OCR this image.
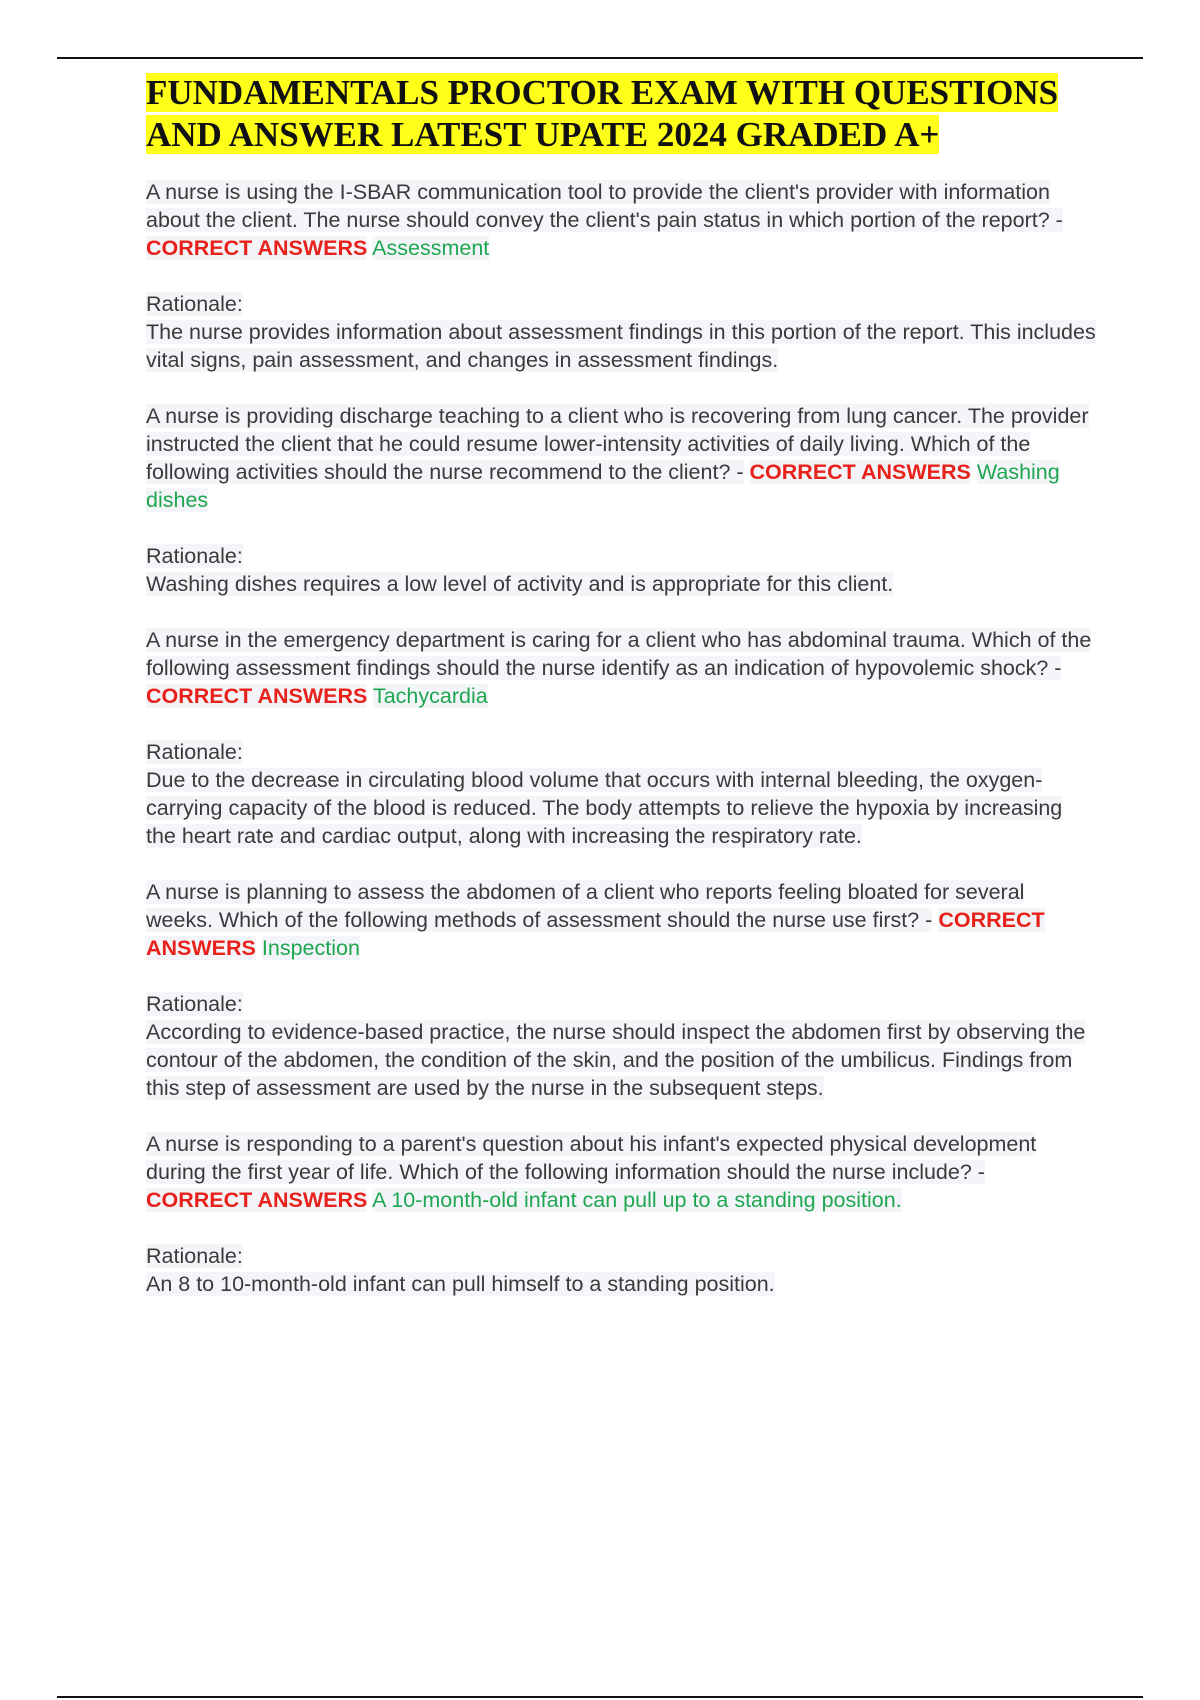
FUNDAMENTALS PROCTOR EXAM WITH QUESTIONS AND ANSWER LATEST UPATE 2024 GRADED A+

A nurse is using the I-SBAR communication tool to provide the client's provider with information about the client. The nurse should convey the client's pain status in which portion of the report? - CORRECT ANSWERS Assessment

Rationale:
The nurse provides information about assessment findings in this portion of the report. This includes vital signs, pain assessment, and changes in assessment findings.

A nurse is providing discharge teaching to a client who is recovering from lung cancer. The provider instructed the client that he could resume lower-intensity activities of daily living. Which of the following activities should the nurse recommend to the client? - CORRECT ANSWERS Washing dishes

Rationale:
Washing dishes requires a low level of activity and is appropriate for this client.

A nurse in the emergency department is caring for a client who has abdominal trauma. Which of the following assessment findings should the nurse identify as an indication of hypovolemic shock? - CORRECT ANSWERS Tachycardia

Rationale:
Due to the decrease in circulating blood volume that occurs with internal bleeding, the oxygen-carrying capacity of the blood is reduced. The body attempts to relieve the hypoxia by increasing the heart rate and cardiac output, along with increasing the respiratory rate.

A nurse is planning to assess the abdomen of a client who reports feeling bloated for several weeks. Which of the following methods of assessment should the nurse use first? - CORRECT ANSWERS Inspection

Rationale:
According to evidence-based practice, the nurse should inspect the abdomen first by observing the contour of the abdomen, the condition of the skin, and the position of the umbilicus. Findings from this step of assessment are used by the nurse in the subsequent steps.

A nurse is responding to a parent's question about his infant's expected physical development during the first year of life. Which of the following information should the nurse include? - CORRECT ANSWERS A 10-month-old infant can pull up to a standing position.

Rationale:
An 8 to 10-month-old infant can pull himself to a standing position.
